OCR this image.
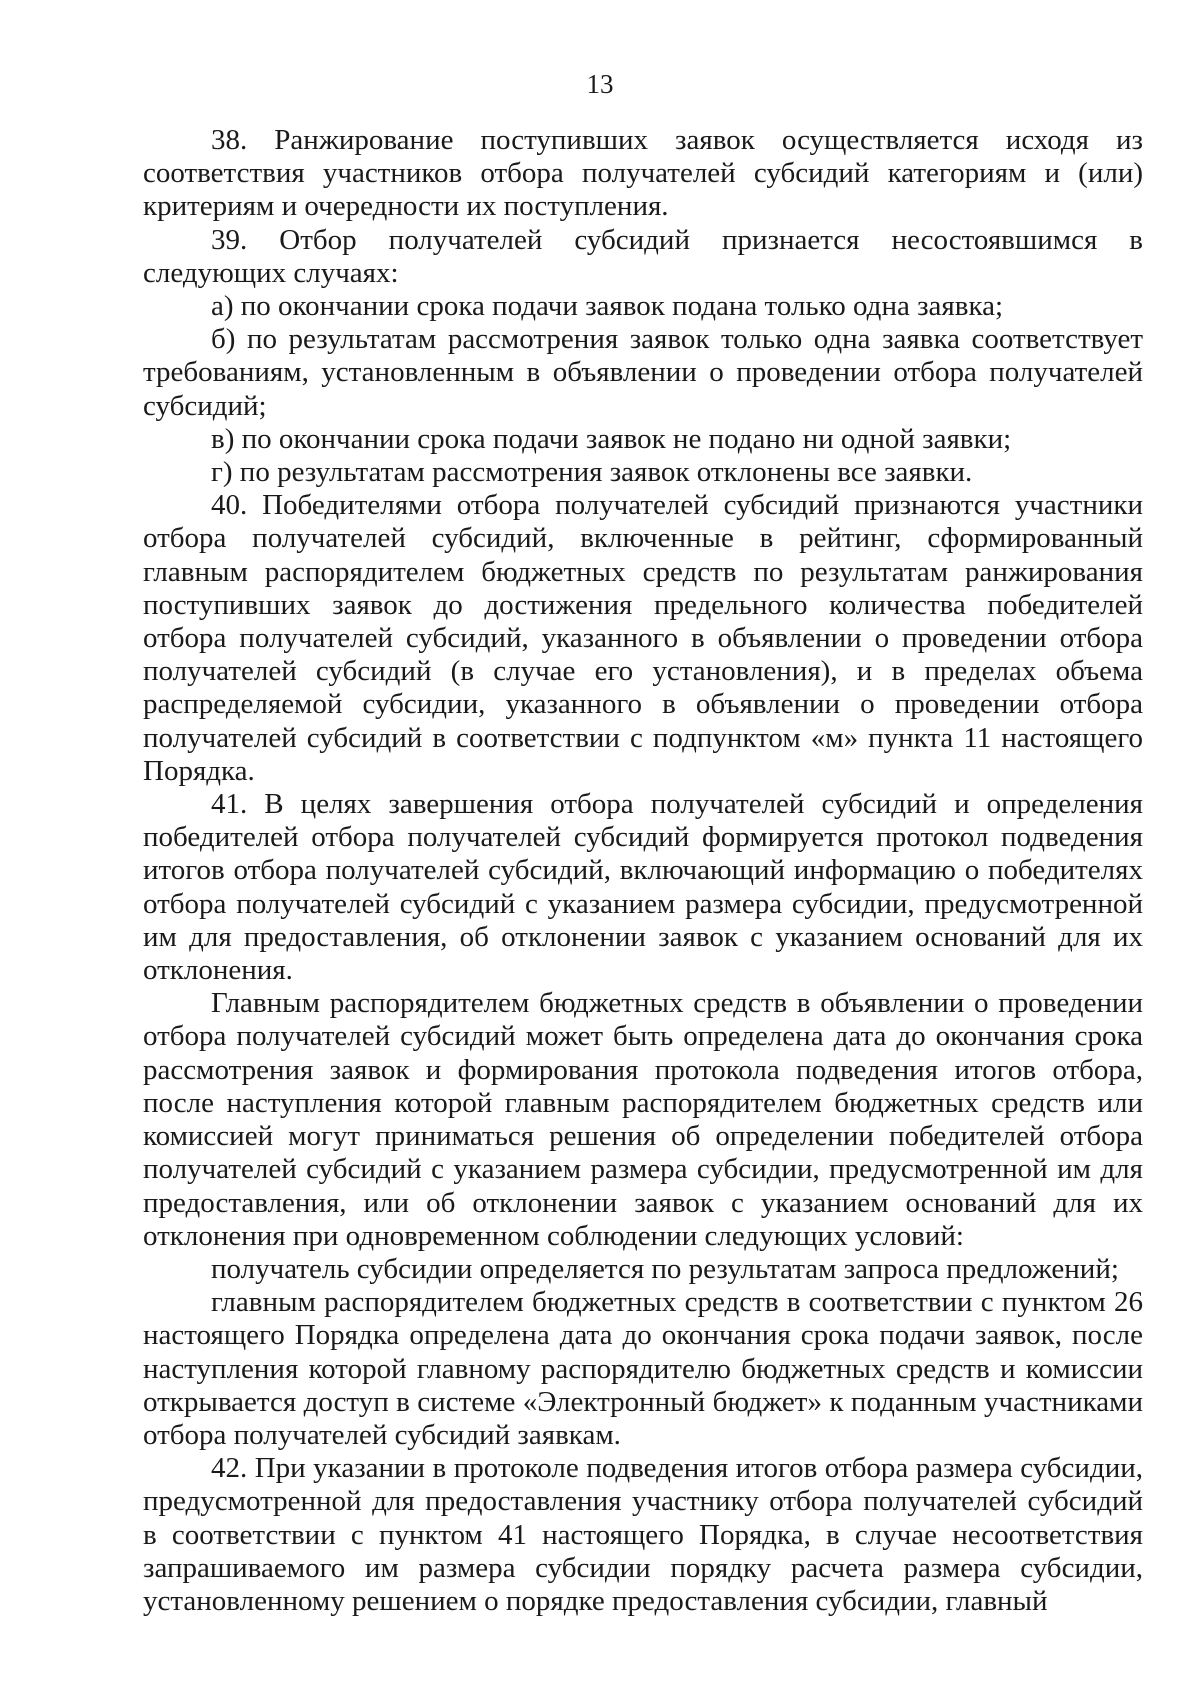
13

38. Ранжирование поступивших заявок осуществляется исходя из соответствия участников отбора получателей субсидий категориям и (или) критериям и очередности их поступления.

39. Отбор получателей субсидий признается несостоявшимся в следующих случаях:

а) по окончании срока подачи заявок подана только одна заявка;

б) по результатам рассмотрения заявок только одна заявка соответствует требованиям, установленным в объявлении о проведении отбора получателей субсидий;

в) по окончании срока подачи заявок не подано ни одной заявки;

г) по результатам рассмотрения заявок отклонены все заявки.

40. Победителями отбора получателей субсидий признаются участники отбора получателей субсидий, включенные в рейтинг, сформированный главным распорядителем бюджетных средств по результатам ранжирования поступивших заявок до достижения предельного количества победителей отбора получателей субсидий, указанного в объявлении о проведении отбора получателей субсидий (в случае его установления), и в пределах объема распределяемой субсидии, указанного в объявлении о проведении отбора получателей субсидий в соответствии с подпунктом «м» пункта 11 настоящего Порядка.

41. В целях завершения отбора получателей субсидий и определения победителей отбора получателей субсидий формируется протокол подведения итогов отбора получателей субсидий, включающий информацию о победителях отбора получателей субсидий с указанием размера субсидии, предусмотренной им для предоставления, об отклонении заявок с указанием оснований для их отклонения.

Главным распорядителем бюджетных средств в объявлении о проведении отбора получателей субсидий может быть определена дата до окончания срока рассмотрения заявок и формирования протокола подведения итогов отбора, после наступления которой главным распорядителем бюджетных средств или комиссией могут приниматься решения об определении победителей отбора получателей субсидий с указанием размера субсидии, предусмотренной им для предоставления, или об отклонении заявок с указанием оснований для их отклонения при одновременном соблюдении следующих условий:

получатель субсидии определяется по результатам запроса предложений;

главным распорядителем бюджетных средств в соответствии с пунктом 26 настоящего Порядка определена дата до окончания срока подачи заявок, после наступления которой главному распорядителю бюджетных средств и комиссии открывается доступ в системе «Электронный бюджет» к поданным участниками отбора получателей субсидий заявкам.

42. При указании в протоколе подведения итогов отбора размера субсидии, предусмотренной для предоставления участнику отбора получателей субсидий в соответствии с пунктом 41 настоящего Порядка, в случае несоответствия запрашиваемого им размера субсидии порядку расчета размера субсидии, установленному решением о порядке предоставления субсидии, главный
